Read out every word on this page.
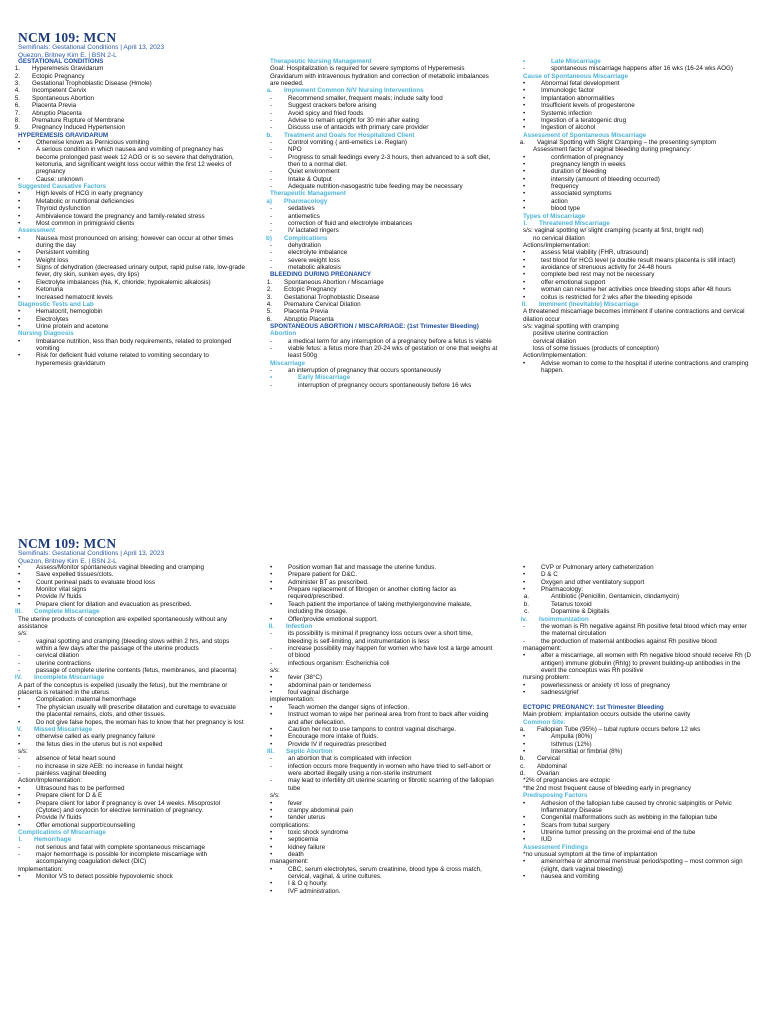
NCM 109: MCN
Semifinals: Gestational Conditions | April 13, 2023
Quezon, Britney Kim E. | BSN 2-L
GESTATIONAL CONDITIONS
1. Hyperemesis Gravidarum
2. Ectopic Pregnancy
3. Gestational Trophoblastic Disease (Hmole)
4. Incompetent Cervix
5. Spontaneous Abortion
6. Placenta Previa
7. Abruptio Placenta
8. Premature Rupture of Membrane
9. Pregnancy Induced Hypertension
HYPEREMESIS GRAVIDARUM
• Otherwise known as Pernicious vomiting
• A serious condition in which nausea and vomiting of pregnancy has become prolonged past week 12 AOG or is so severe that dehydration, ketonuria, and significant weight loss occur within the first 12 weeks of pregnancy
• Cause: unknown
Suggested Causative Factors
• High levels of HCG in early pregnancy
• Metabolic or nutritional deficiencies
• Thyroid dysfunction
• Ambivalence toward the pregnancy and family-related stress
• Most common in primigravid clients
Assessment
• Nausea most pronounced on arising; however can occur at other times during the day
• Persistent vomiting
• Weight loss
• Signs of dehydration (decreased urinary output, rapid pulse rate, low-grade fever, dry skin, sunken eyes, dry lips)
• Electrolyte imbalances (Na, K, chloride; hypokalemic alkalosis)
• Ketonuria
• Increased hematocrit levels
Diagnostic Tests and Lab
• Hematocrit, hemoglobin
• Electrolytes
• Urine protein and acetone
Nursing Diagnosis
• Imbalance nutrition, less than body requirements, related to prolonged vomiting
• Risk for deficient fluid volume related to vomiting secondary to hyperemesis gravidarum
Therapeutic Nursing Management
Goal: Hospitalization is required for severe symptoms of Hyperemesis Gravidarum with intravenous hydration and correction of metabolic imbalances are needed.
a. Implement Common N/V Nursing Interventions
- Recommend smaller, frequent meals; include salty food
- Suggest crackers before arising
- Avoid spicy and fried foods
- Advise to remain upright for 30 min after eating
- Discuss use of antacids with primary care provider
b. Treatment and Goals for Hospitalized Client
- Control vomiting ( anti-emetics i.e. Reglan)
- NPO
- Progress to small feedings every 2-3 hours, then advanced to a soft diet, then to a normal diet.
- Quiet environment
- Intake & Output
- Adequate nutrition-nasogastric tube feeding may be necessary
Therapeutic Management
a) Pharmacology
- sedatives
- antiemetics
- correction of fluid and electrolyte imbalances
- IV lactated ringers
b) Complications
- dehydration
- electrolyte imbalance
- severe weight loss
- metabolic alkalosis
BLEEDING DURING PREGNANCY
1. Spontaneous Abortion / Miscarriage
2. Ectopic Pregnancy
3. Gestational Trophoblastic Disease
4. Premature Cervical Dilation
5. Placenta Previa
6. Abruptio Placenta
SPONTANEOUS ABORTION / MISCARRIAGE: (1st Trimester Bleeding)
Abortion
- a medical term for any interruption of a pregnancy before a fetus is viable
- viable fetus: a fetus more than 20-24 wks of gestation or one that weighs at least 500g
Miscarriage
- an interruption of pregnancy that occurs spontaneously
• Early Miscarriage
- interruption of pregnancy occurs spontaneously before 16 wks
• Late Miscarriage
- spontaneous miscarriage happens after 16 wks (16-24 wks AOG)
Cause of Spontaneous Miscarriage
• Abnormal fetal development
• Immunologic factor
• Implantation abnormalities
• Insufficient levels of progesterone
• Systemic infection
• Ingestion of a teratogenic drug
• Ingestion of alcohol
Assessment of Spontaneous Miscarriage
a. Vaginal Spotting with Slight Cramping – the presenting symptom
Assessment factor of vaginal bleeding during pregnancy:
• confirmation of pregnancy
• pregnancy length in weeks
• duration of bleeding
• intensity (amount of bleeding occurred)
• frequency
• associated symptoms
• action
• blood type
Types of Miscarriage
I. Threatened Miscarriage
s/s: vaginal spotting w/ slight cramping (scanty at first, bright red)
no cervical dilation
Actions/Implementation:
• assess fetal viability (FHR, ultrasound)
• test blood for HCG level (a double result means placenta is still intact)
• avoidance of strenuous activity for 24-48 hours
• complete bed rest may not be necessary
• offer emotional support
• woman can resume her activities once bleeding stops after 48 hours
• coitus is restricted for 2 wks after the bleeding episode
II. Imminent (Inevitable) Miscarriage
A threatened miscarriage becomes imminent if uterine contractions and cervical dilation occur
s/s: vaginal spotting with cramping
positive uterine contraction
cervical dilation
loss of some tissues (products of conception)
Action/Implementation:
• Advise woman to come to the hospital if uterine contractions and cramping happen.
NCM 109: MCN
Semifinals: Gestational Conditions | April 13, 2023
Quezon, Britney Kim E. | BSN 2-L
• Assess/Monitor spontaneous vaginal bleeding and cramping
• Save expelled tissues/clots.
• Count perineal pads to evaluate blood loss
• Monitor vital signs
• Provide IV fluids
• Prepare client for dilation and evacuation as prescribed.
III. Complete Miscarriage
The uterine products of conception are expelled spontaneously without any assistance
s/s:
- vaginal spotting and cramping (bleeding slows within 2 hrs, and stops within a few days after the passage of the uterine products
- cervical dilation
- uterine contractions
- passage of complete uterine contents (fetus, membranes, and placenta)
IV. Incomplete Miscarriage
A part of the conceptus is expelled (usually the fetus), but the membrane or placenta is retained in the uterus
• Complication: maternal hemorrhage
• The physician usually will prescribe dilatation and curettage to evacuate the placental remains, clots, and other tissues.
• Do not give false hopes, the woman has to know that her pregnancy is lost
V. Missed Miscarriage
• otherwise called as early pregnancy failure
• the fetus dies in the uterus but is not expelled
s/s:
- absence of fetal heart sound
- no increase in size AEB: no increase in fundal height
- painless vaginal bleeding
Action/Implementation:
• Ultrasound has to be performed
• Prepare client for D & E
• Prepare client for labor if pregnancy is over 14 weeks. Misoprostol (Cytotec) and oxytocin for elective termination of pregnancy.
• Provide IV fluids
• Offer emotional support/counselling
Complications of Miscarriage
I. Hemorrhage
- not serious and fatal with complete spontaneous miscarriage
- major hemorrhage is possible for incomplete miscarriage with accompanying coagulation defect (DIC)
Implementation:
• Monitor VS to detect possible hypovolemic shock
• Position woman flat and massage the uterine fundus.
• Prepare patient for D&C.
• Administer BT as prescribed.
• Prepare replacement of fibrogen or another clotting factor as required/prescribed.
• Teach patient the importance of taking methylergonovine maleate, including the dosage.
• Offer/provide emotional support.
II. Infection
- its possibility is minimal if pregnancy loss occurs over a short time, bleeding is self-limiting, and instrumentation is less
- increase possibility may happen for women who have lost a large amount of blood
- infectious organism: Escherichia coli
s/s:
• fever (38°C)
• abdominal pain or tenderness
• foul vaginal discharge
implementation:
• Teach women the danger signs of infection.
• Instruct woman to wipe her perineal area from front to back after voiding and after defecation.
• Caution her not to use tampons to control vaginal discharge.
• Encourage more intake of fluids.
• Provide IV if required/as prescribed
III. Septic Abortion
- an abortion that is complicated with infection
- infection occurs more frequently in women who have tried to self-abort or were aborted illegally using a non-sterile instrument
- may lead to infertility d/t uterine scarring or fibrotic scarring of the fallopian tube
s/s:
• fever
• crampy abdominal pain
• tender uterus
complications:
• toxic shock syndrome
• septicemia
• kidney failure
• death
management:
• CBC, serum electrolytes, serum creatinine, blood type & cross match, cervical, vaginal, & urine cultures.
• I & O q hourly.
• IVF administration.
• CVP or Pulmonary artery catheterization
• D & C
• Oxygen and other ventilatory support
• Pharmacology:
a.	Antibiotic (Penicillin, Gentamicin, clindamycin)
b.	Tetanus toxoid
c.	Dopamine & Digitalis
iv. Isoimmunization
- the woman is Rh negative against Rh positive fetal blood which may enter the maternal circulation
- the production of maternal antibodies against Rh positive blood
management:
• after a miscarriage, all women with Rh negative blood should receive Rh (D antigen) immune globulin (RhIg) to prevent building-up antibodies in the event the conceptus was Rh positive
nursing problem:
• powerlessness or anxiety r/t loss of pregnancy
• sadness/grief

ECTOPIC PREGNANCY: 1st Trimester Bleeding
Main problem: implantation occurs outside the uterine cavity
Common Site:
a. Fallopian Tube (95%) – tubal rupture occurs before 12 wks
• Ampulla (80%)
• Isthmus (12%)
• Interstitial or fimbrial (8%)
b. Cervical
c. Abdominal
d. Ovarian
*2% of pregnancies are ectopic
*the 2nd most frequent cause of bleeding early in pregnancy
Predisposing Factors
• Adhesion of the fallopian tube caused by chronic salpingitis or Pelvic Inflammatory Disease
• Congenital malformations such as webbing in the fallopian tube
• Scars from tubal surgery
• Utrerine tumor pressing on the proximal end of the tube
• IUD
Assessment Findings
*no unusual symptom at the time of implantation
• amenorrhea or abnormal menstrual period/spotting – most common sign (slight, dark vaginal bleeding)
• nausea and vomiting
